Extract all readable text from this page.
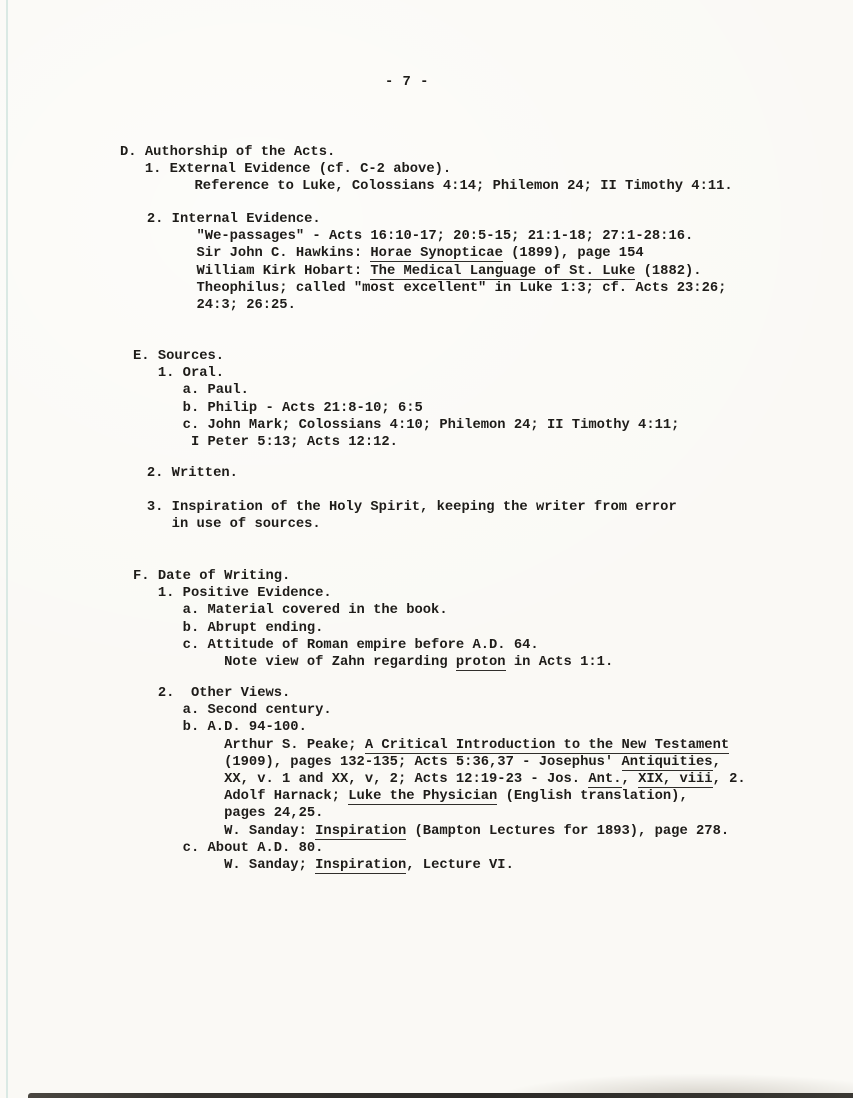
- 7 -
D. Authorship of the Acts.
1. External Evidence (cf. C-2 above).
Reference to Luke, Colossians 4:14; Philemon 24; II Timothy 4:11.
2. Internal Evidence.
"We-passages" - Acts 16:10-17; 20:5-15; 21:1-18; 27:1-28:16.
Sir John C. Hawkins: Horae Synopticae (1899), page 154
William Kirk Hobart: The Medical Language of St. Luke (1882).
Theophilus; called "most excellent" in Luke 1:3; cf. Acts 23:26;
24:3; 26:25.
E. Sources.
1. Oral.
a. Paul.
b. Philip - Acts 21:8-10; 6:5
c. John Mark; Colossians 4:10; Philemon 24; II Timothy 4:11;
I Peter 5:13; Acts 12:12.
2. Written.
3. Inspiration of the Holy Spirit, keeping the writer from error
in use of sources.
F. Date of Writing.
1. Positive Evidence.
a. Material covered in the book.
b. Abrupt ending.
c. Attitude of Roman empire before A.D. 64.
Note view of Zahn regarding proton in Acts 1:1.
2.  Other Views.
a. Second century.
b. A.D. 94-100.
Arthur S. Peake; A Critical Introduction to the New Testament
(1909), pages 132-135; Acts 5:36,37 - Josephus' Antiquities,
XX, v. 1 and XX, v, 2; Acts 12:19-23 - Jos. Ant., XIX, viii, 2.
Adolf Harnack; Luke the Physician (English translation),
pages 24,25.
W. Sanday: Inspiration (Bampton Lectures for 1893), page 278.
c. About A.D. 80.
W. Sanday; Inspiration, Lecture VI.
